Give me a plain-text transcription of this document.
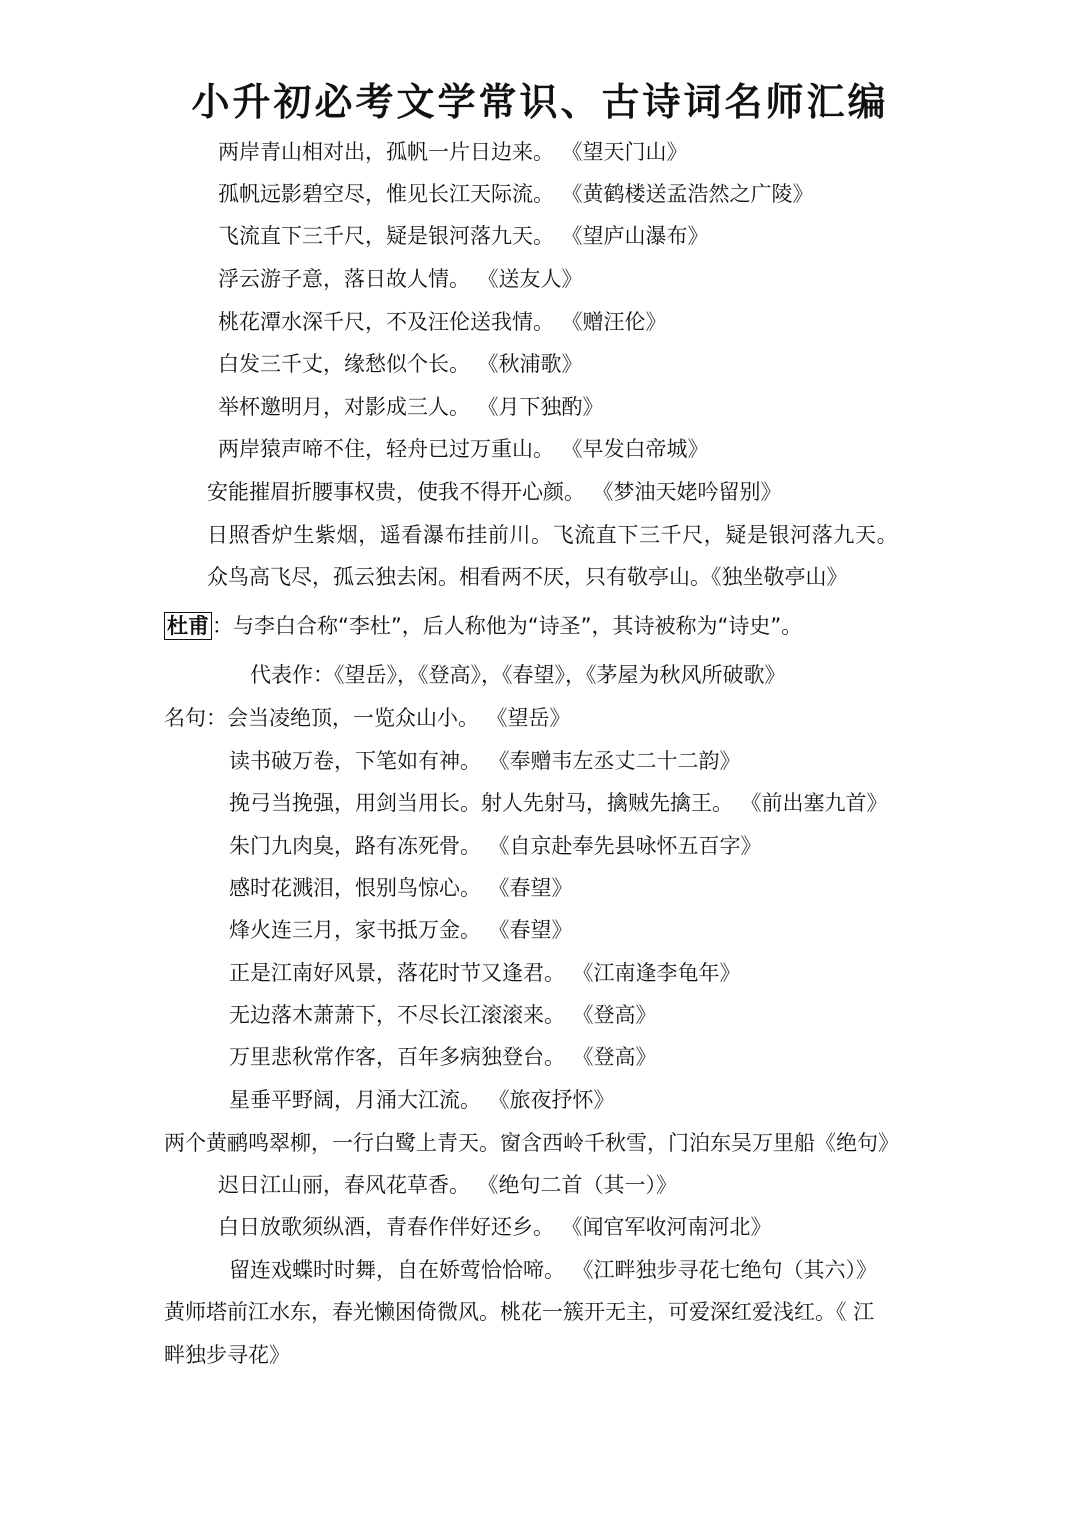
小升初必考文学常识、古诗词名师汇编
两岸青山相对出，孤帆一片日边来。 《望天门山》
孤帆远影碧空尽，惟见长江天际流。 《黄鹤楼送孟浩然之广陵》
飞流直下三千尺，疑是银河落九天。 《望庐山瀑布》
浮云游子意，落日故人情。 《送友人》
桃花潭水深千尺，不及汪伦送我情。 《赠汪伦》
白发三千丈，缘愁似个长。 《秋浦歌》
举杯邀明月，对影成三人。 《月下独酌》
两岸猿声啼不住，轻舟已过万重山。 《早发白帝城》
安能摧眉折腰事权贵，使我不得开心颜。 《梦油天姥吟留别》
日照香炉生紫烟，遥看瀑布挂前川。飞流直下三千尺，疑是银河落九天。
众鸟高飞尽，孤云独去闲。相看两不厌，只有敬亭山。《独坐敬亭山》
杜甫 ：与李白合称“李杜”，后人称他为“诗圣”，其诗被称为“诗史”。
代表作：《望岳》，《登高》，《春望》，《茅屋为秋风所破歌》
名句：会当凌绝顶，一览众山小。 《望岳》
读书破万卷，下笔如有神。 《奉赠韦左丞丈二十二韵》
挽弓当挽强，用剑当用长。射人先射马，擒贼先擒王。 《前出塞九首》
朱门九肉臭，路有冻死骨。 《自京赴奉先县咏怀五百字》
感时花溅泪，恨别鸟惊心。 《春望》
烽火连三月，家书抵万金。 《春望》
正是江南好风景，落花时节又逢君。 《江南逢李龟年》
无边落木萧萧下，不尽长江滚滚来。 《登高》
万里悲秋常作客，百年多病独登台。 《登高》
星垂平野阔，月涌大江流。 《旅夜抒怀》
两个黄鹂鸣翠柳，一行白鹭上青天。窗含西岭千秋雪，门泊东吴万里船《绝句》
迟日江山丽，春风花草香。 《绝句二首（其一）》
白日放歌须纵酒，青春作伴好还乡。 《闻官军收河南河北》
留连戏蝶时时舞，自在娇莺恰恰啼。 《江畔独步寻花七绝句（其六）》
黄师塔前江水东，春光懒困倚微风。桃花一簇开无主，可爱深红爱浅红。《 江
畔独步寻花》
